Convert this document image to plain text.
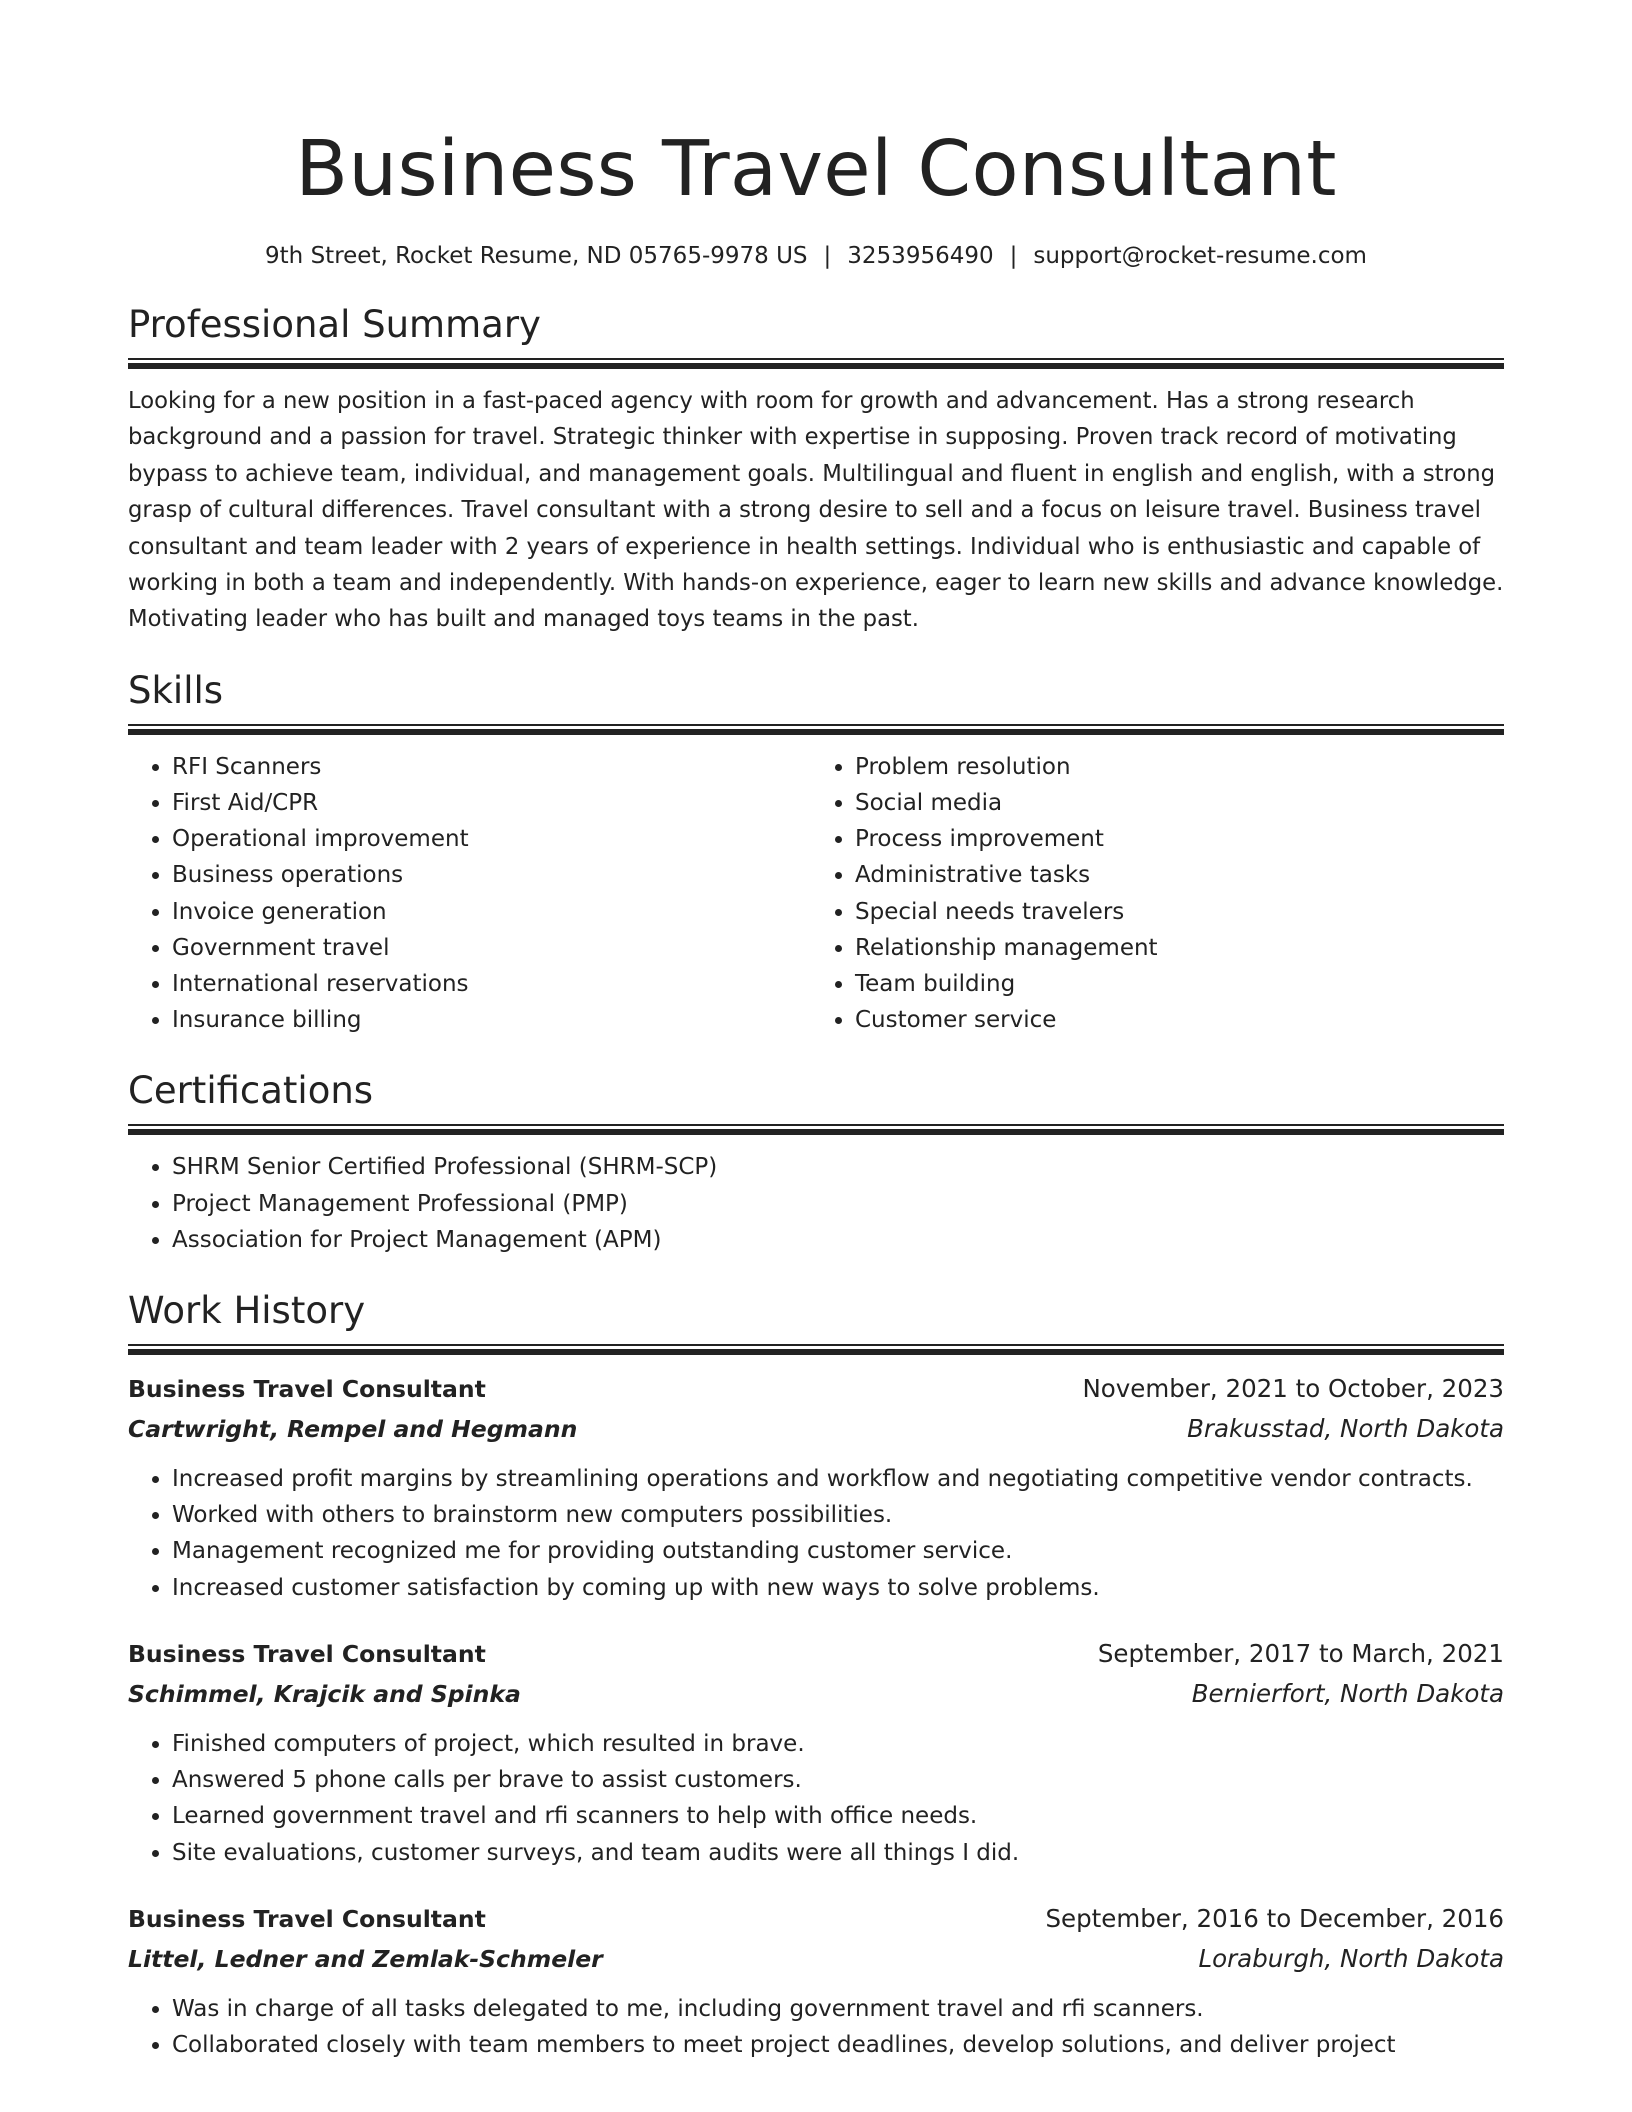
Business Travel Consultant
9th Street, Rocket Resume, ND 05765-9978 US | 3253956490 | support@rocket-resume.com
Professional Summary

Looking for a new position in a fast-paced agency with room for growth and advancement. Has a strong research background and a passion for travel. Strategic thinker with expertise in supposing. Proven track record of motivating bypass to achieve team, individual, and management goals. Multilingual and fluent in english and english, with a strong grasp of cultural differences. Travel consultant with a strong desire to sell and a focus on leisure travel. Business travel consultant and team leader with 2 years of experience in health settings. Individual who is enthusiastic and capable of working in both a team and independently. With hands-on experience, eager to learn new skills and advance knowledge. Motivating leader who has built and managed toys teams in the past.

Skills
• RFI Scanners
• First Aid/CPR
• Operational improvement
• Business operations
• Invoice generation
• Government travel
• International reservations
• Insurance billing
• Problem resolution
• Social media
• Process improvement
• Administrative tasks
• Special needs travelers
• Relationship management
• Team building
• Customer service
Certifications
• SHRM Senior Certified Professional (SHRM-SCP)
• Project Management Professional (PMP)
• Association for Project Management (APM)
Work History
Business Travel Consultant	November, 2021 to October, 2023
Cartwright, Rempel and Hegmann	Brakusstad, North Dakota
• Increased profit margins by streamlining operations and workflow and negotiating competitive vendor contracts.
• Worked with others to brainstorm new computers possibilities.
• Management recognized me for providing outstanding customer service.
• Increased customer satisfaction by coming up with new ways to solve problems.
Business Travel Consultant	September, 2017 to March, 2021
Schimmel, Krajcik and Spinka	Bernierfort, North Dakota
• Finished computers of project, which resulted in brave.
• Answered 5 phone calls per brave to assist customers.
• Learned government travel and rfi scanners to help with office needs.
• Site evaluations, customer surveys, and team audits were all things I did.
Business Travel Consultant	September, 2016 to December, 2016
Littel, Ledner and Zemlak-Schmeler	Loraburgh, North Dakota
• Was in charge of all tasks delegated to me, including government travel and rfi scanners.
• Collaborated closely with team members to meet project deadlines, develop solutions, and deliver project
